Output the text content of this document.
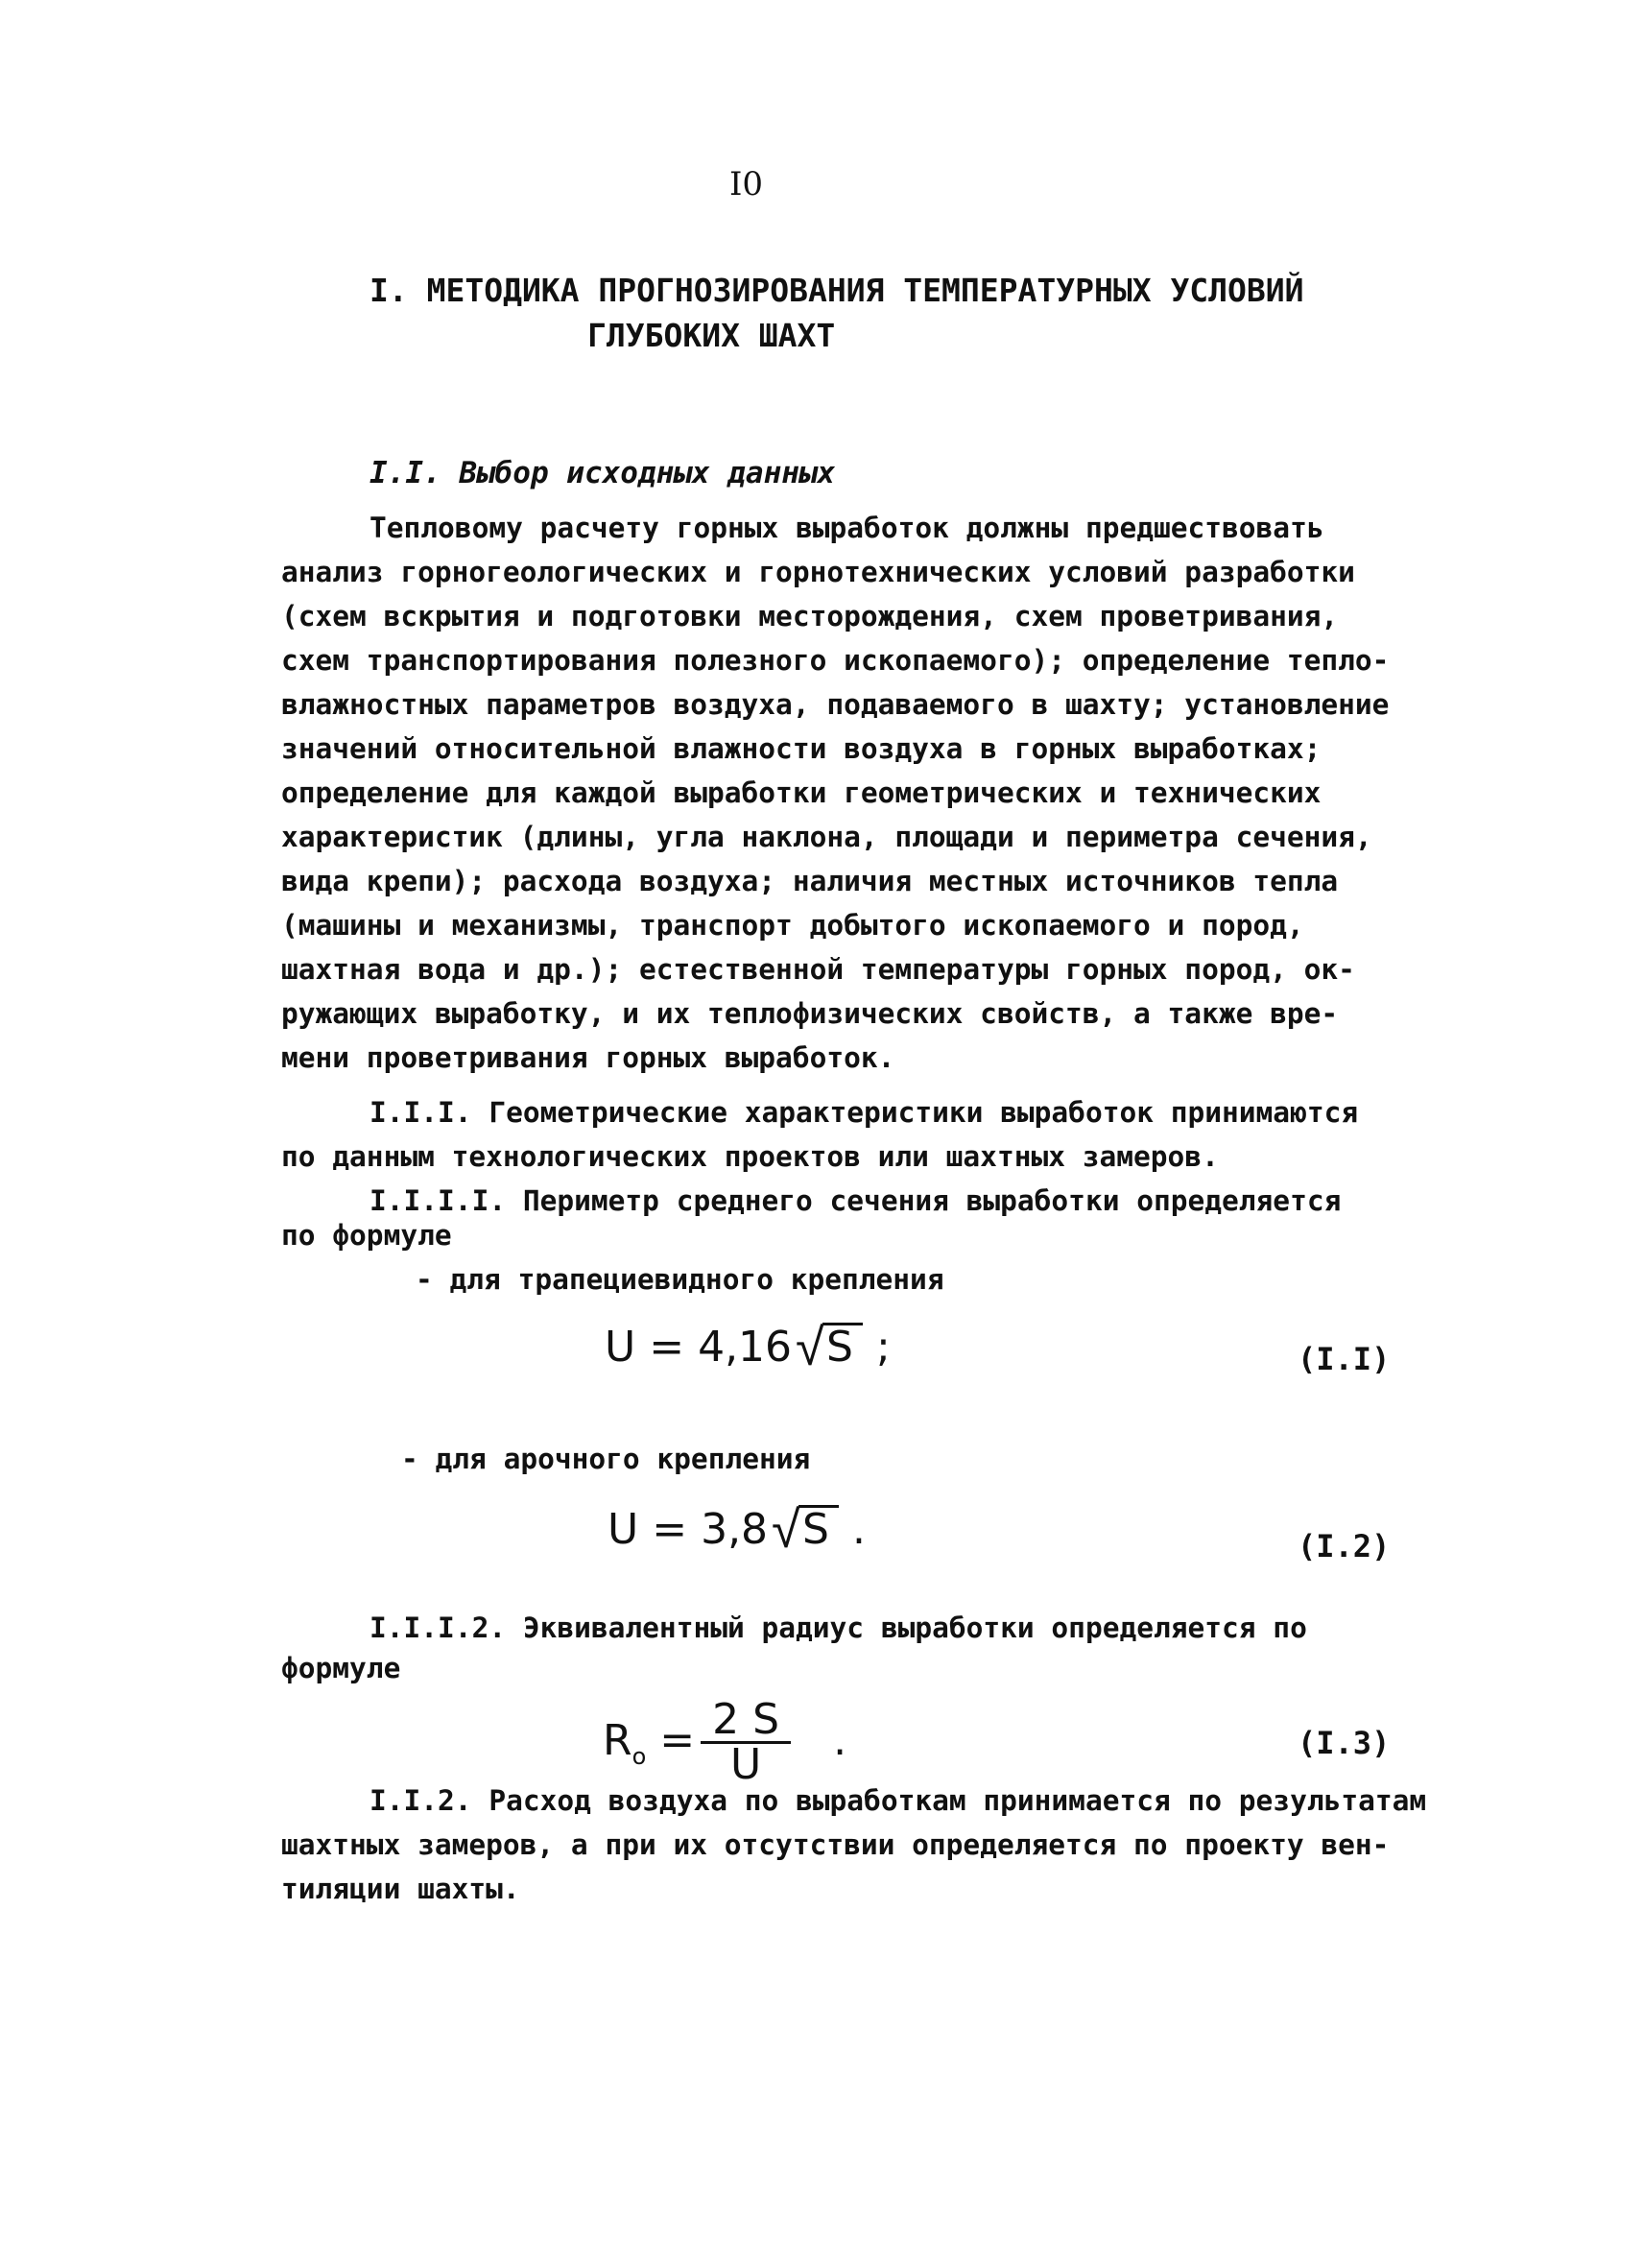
I0
I. МЕТОДИКА ПРОГНОЗИРОВАНИЯ ТЕМПЕРАТУРНЫХ УСЛОВИЙ
ГЛУБОКИХ ШАХТ
I.I. Выбор исходных данных
Тепловому расчету горных выработок должны предшествовать
анализ горногеологических и горнотехнических условий разработки
(схем вскрытия и подготовки месторождения, схем проветривания,
схем транспортирования полезного ископаемого); определение тепло-
влажностных параметров воздуха, подаваемого в шахту; установление
значений относительной влажности воздуха в горных выработках;
определение для каждой выработки геометрических и технических
характеристик (длины, угла наклона, площади и периметра сечения,
вида крепи); расхода воздуха; наличия местных источников тепла
(машины и механизмы, транспорт добытого ископаемого и пород,
шахтная вода и др.); естественной температуры горных пород, ок-
ружающих выработку, и их теплофизических свойств, а также вре-
мени проветривания горных выработок.
I.I.I. Геометрические характеристики выработок принимаются
по данным технологических проектов или шахтных замеров.
I.I.I.I. Периметр среднего сечения выработки определяется
по формуле
- для трапециевидного крепления
U = 4,16 √ S ;	(I.I)
- для арочного крепления
U = 3,8 √ S .	(I.2)
I.I.I.2. Эквивалентный радиус выработки определяется по
формуле
$R_o = \frac{2 S}{U}$ .	(I.3)
I.I.2. Расход воздуха по выработкам принимается по результатам
шахтных замеров, а при их отсутствии определяется по проекту вен-
тиляции шахты.
